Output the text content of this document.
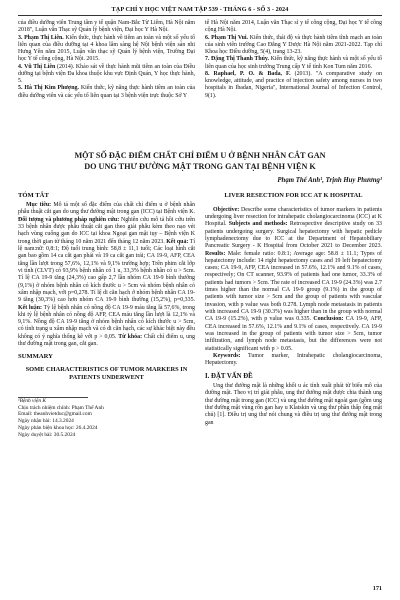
TẠP CHÍ Y HỌC VIỆT NAM TẬP 539 - THÁNG 6 - SỐ 3 - 2024

của điều dưỡng viên Trung tâm y tế quận Nam-Bắc Từ Liêm, Hà Nội năm 2018", Luận văn Thạc sỹ Quản lý bệnh viện, Đại học Y Hà Nội.

3. Phạm Thị Liên. Kiến thức, thực hành về tiêm an toàn và một số yếu tố liên quan của điều dưỡng tại 4 khoa lâm sàng hệ Nội bệnh viện sản nhi Hưng Yên năm 2015, Luận văn thạc sỹ Quản lý bệnh viện, Trường Đại học Y tế công cộng, Hà Nội. 2015.

4. Vũ Thị Liên (2014). Khảo sát về thực hành mũi tiêm an toàn của Điều dưỡng tại bệnh viện Đa khoa thuộc khu vực Định Quán, Y học thực hành, 5.

5. Hà Thị Kim Phượng. Kiến thức, kỹ năng thực hành tiêm an toàn của điều dưỡng viên và các yếu tố liên quan tại 3 bệnh viện trực thuộc Sở Y

tế Hà Nội năm 2014, Luận văn Thạc sĩ y tế công cộng, Đại học Y tế công cộng Hà Nội.

6. Phạm Thị Vui. Kiến thức, thái độ và thực hành tiêm tĩnh mạch an toàn của sinh viên trường Cao Đẳng Y Dược Hà Nội năm 2021-2022. Tạp chí Khoa học Điều dưỡng, 5(4), trang 13-23.

7. Đặng Thị Thanh Thúy. Kiến thức, kỹ năng thực hành và một số yếu tố liên quan của học sinh trường Trung cấp Y tế tỉnh Kon Tum năm 2016.

8. Raphael, P. O. & Bada, F. (2013). "A comparative study on knowledge, attitude, and practice of injection safety among nurses in two hospitals in Ibadan, Nigeria", International Journal of Infection Control, 9(1).

MỘT SỐ ĐẶC ĐIỂM CHẤT CHỈ ĐIỂM U Ở BỆNH NHÂN CẮT GAN
DO UNG THƯ ĐƯỜNG MẬT TRONG GAN TẠI BỆNH VIỆN K
Phạm Thế Anh¹, Trịnh Huy Phương¹
TÓM TẮT

Mục tiêu: Mô tả một số đặc điểm của chất chỉ điểm u ở bệnh nhân phẫu thuật cắt gan do ung thư đường mật trong gan (ICC) tại Bệnh viện K. Đối tượng và phương pháp nghiên cứu: Nghiên cứu mô tả hồi cứu trên 33 bệnh nhân được phẫu thuật cắt gan theo giải phẫu kèm theo nạo vét hạch vùng cuống gan do ICC tại khoa Ngoại gan mật tụy – Bệnh viện K trong thời gian từ tháng 10 năm 2021 đến tháng 12 năm 2023. Kết quả: Tỉ lệ nam:nữ: 0,8:1; Độ tuổi trung bình: 58,8 ± 11,1 tuổi; Các loại hình cắt gan bao gồm 14 ca cắt gan phải và 19 ca cắt gan trái; CA 19-9, AFP, CEA tăng lần lượt trong 57,6%, 12,1% và 9,1% trường hợp; Trên phim cắt lớp vi tính (CLVT) có 93,9% bệnh nhân có 1 u, 33,3% bệnh nhân có u > 5cm. Tỉ lệ CA 19-9 tăng (24,3%) cao gấp 2,7 lần nhóm CA 19-9 bình thường (9,1%) ở nhóm bệnh nhân có kích thước u > 5cm và nhóm bệnh nhân có xâm nhập mạch, với p=0,278. Tỉ lệ di căn hạch ở nhóm bệnh nhân CA 19-9 tăng (30,3%) cao hơn nhóm CA 19-9 bình thường (15,2%), p=0,335. Kết luận: Tỷ lệ bệnh nhân có nồng độ CA 19-9 máu tăng là 57,6%, trong khi tỷ lệ bệnh nhân có nồng độ AFP, CEA máu tăng lần lượt là 12,1% và 9,1%. Nồng độ CA 19-9 tăng ở nhóm bệnh nhân có kích thước u > 5cm, có tình trạng u xâm nhập mạch và có di căn hạch, các sự khác biệt này đều không có ý nghĩa thống kê với p > 0,05. Từ khóa: Chất chỉ điểm u, ung thư đường mật trong gan, cắt gan.

SUMMARY
SOME CHARACTERISTICS OF TUMOR MARKERS IN PATIENTS UNDERWENT

¹Bệnh viện K

Chịu trách nhiệm chính: Phạm Thế Anh

Email: theanhvietduc@gmail.com

Ngày nhận bài: 14.3.2024

Ngày phản biện khoa học: 26.4.2024

Ngày duyệt bài: 30.5.2024

LIVER RESECTION FOR ICC AT K HOSPITAL

Objective: Describe some characteristics of tumor markers in patients undergoing liver resection for intrahepatic cholangiocarcinoma (ICC) at K Hospital. Subjects and methods: Retrospective descriptive study on 33 patients undergoing surgery. Surgical hepatectomy with hepatic pedicle lymphadenectomy due to ICC at the Department of Hepatobiliary Pancreatic Surgery - K Hospital from October 2021 to December 2023. Results: Male: female ratio: 0.8:1; Average age: 58.8 ± 11.1; Types of hepatectomy include: 14 right hepatectomy cases and 19 left hepatectomy cases; CA 19-9, AFP, CEA increased in 57.6%, 12.1% and 9.1% of cases, respectively; On CT scanner, 93.9% of patients had one tumor, 33.3% of patients had tumors > 5cm. The rate of increased CA 19-9 (24.3%) was 2.7 times higher than the normal CA 19-9 group (9.1%) in the group of patients with tumor size > 5cm and the group of patients with vascular invasion, with p value was both 0.278. Lymph node metastasis in patients with increased CA 19-9 (30.3%) was higher than in the group with normal CA 19-9 (15.2%), with p value was 0.335. Conclusion: CA 19-9, AFP, CEA increased in 57.6%, 12.1% and 9.1% of cases, respectively. CA 19-9 was increased in the group of patients with tumor size > 5cm, tumor infiltration, and lymph node metastasis, but the differences were not statistically significant with p > 0.05.

Keywords: Tumor marker, Intrahepatic cholangiocarcinoma, Hepatectomy.

I. ĐẶT VẤN ĐỀ

Ung thư đường mật là những khối u ác tính xuất phát từ biểu mô của đường mật. Theo vị trí giải phẫu, ung thư đường mật được chia thành ung thư đường mật trong gan (ICC) và ung thư đường mật ngoài gan (gồm ung thư đường mật vùng rốn gan hay u Klatskin và ung thư phần thấp ống mật chủ) [1]. Điều trị ung thư nói chung và điều trị ung thư đường mật trong gan

171
